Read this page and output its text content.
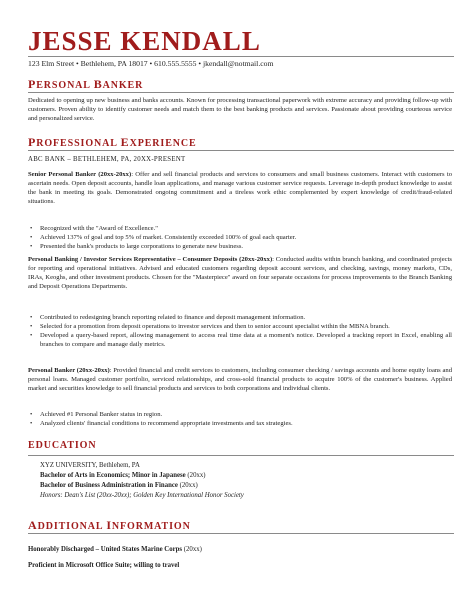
JESSE KENDALL
123 Elm Street • Bethlehem, PA 18017 • 610.555.5555 • jkendall@notmail.com
PERSONAL BANKER
Dedicated to opening up new business and banks accounts. Known for processing transactional paperwork with extreme accuracy and providing follow-up with customers. Proven ability to identify customer needs and match them to the best banking products and services. Passionate about providing courteous service and personalized service.
PROFESSIONAL EXPERIENCE
ABC BANK – BETHLEHEM, PA, 20XX-PRESENT
Senior Personal Banker (20xx-20xx): Offer and sell financial products and services to consumers and small business customers. Interact with customers to ascertain needs. Open deposit accounts, handle loan applications, and manage various customer service requests. Leverage in-depth product knowledge to assist the bank in meeting its goals. Demonstrated ongoing commitment and a tireless work ethic complemented by expert knowledge of credit/fraud-related situations.
• Recognized with the "Award of Excellence."
• Achieved 137% of goal and top 5% of market. Consistently exceeded 100% of goal each quarter.
• Presented the bank's products to large corporations to generate new business.
Personal Banking / Investor Services Representative – Consumer Deposits (20xx-20xx): Conducted audits within branch banking, and coordinated projects for reporting and operational initiatives. Advised and educated customers regarding deposit account services, and checking, savings, money markets, CDs, IRAs, Keoghs, and other investment products. Chosen for the "Masterpiece" award on four separate occasions for process improvements to the Branch Banking and Deposit Operations Departments.
• Contributed to redesigning branch reporting related to finance and deposit management information.
• Selected for a promotion from deposit operations to investor services and then to senior account specialist within the MBNA branch.
• Developed a query-based report, allowing management to access real time data at a moment's notice. Developed a tracking report in Excel, enabling all branches to compare and manage daily metrics.
Personal Banker (20xx-20xx): Provided financial and credit services to customers, including consumer checking / savings accounts and home equity loans and personal loans. Managed customer portfolio, serviced relationships, and cross-sold financial products to acquire 100% of the customer's business. Applied market and securities knowledge to sell financial products and services to both corporations and individual clients.
• Achieved #1 Personal Banker status in region.
• Analyzed clients' financial conditions to recommend appropriate investments and tax strategies.
EDUCATION
XYZ UNIVERSITY, Bethlehem, PA
Bachelor of Arts in Economics; Minor in Japanese (20xx)
Bachelor of Business Administration in Finance (20xx)
Honors: Dean's List (20xx-20xx); Golden Key International Honor Society
ADDITIONAL INFORMATION
Honorably Discharged – United States Marine Corps (20xx)
Proficient in Microsoft Office Suite; willing to travel
